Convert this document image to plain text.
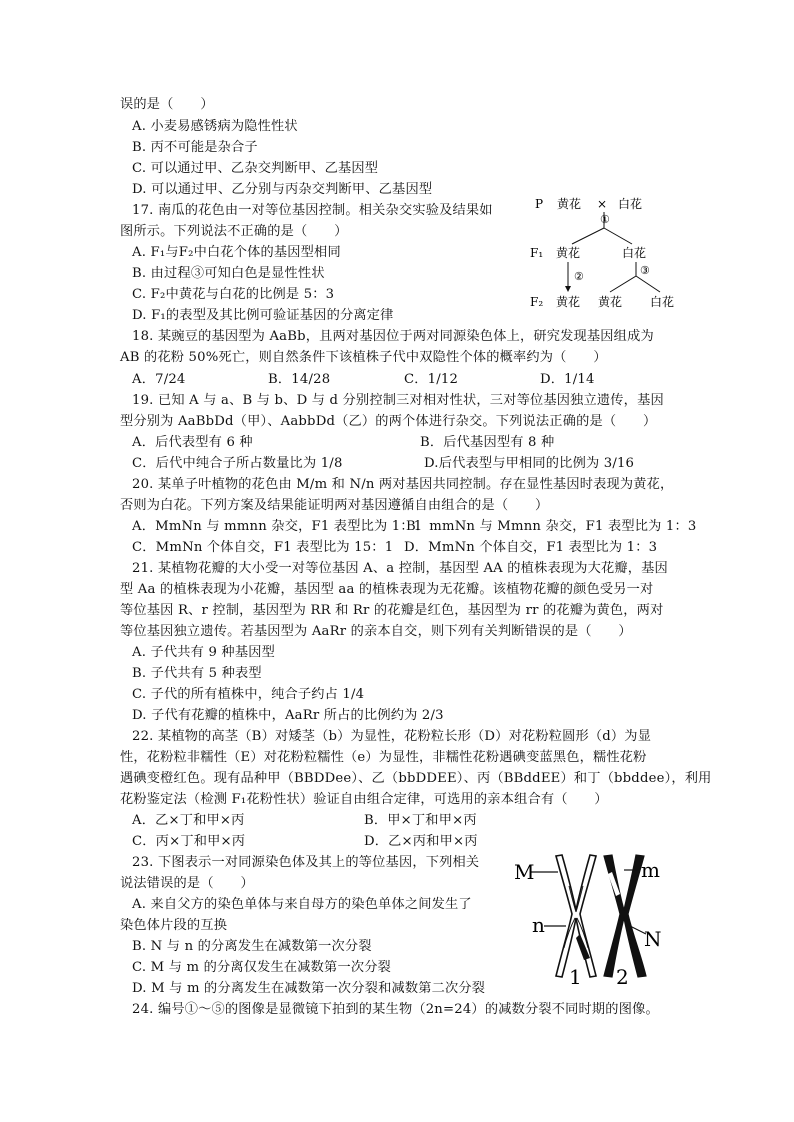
误的是（　　）
A. 小麦易感锈病为隐性性状
B. 丙不可能是杂合子
C. 可以通过甲、乙杂交判断甲、乙基因型
D. 可以通过甲、乙分别与丙杂交判断甲、乙基因型
17. 南瓜的花色由一对等位基因控制。相关杂交实验及结果如
图所示。下列说法不正确的是（　　）
A. F₁与F₂中白花个体的基因型相同
B. 由过程③可知白色是显性性状
C. F₂中黄花与白花的比例是 5：3
D. F₁的表型及其比例可验证基因的分离定律
P 黄花 × 白花
①
F₁ 黄花	白花
②	③
F₂ 黄花 黄花 白花
18. 某豌豆的基因型为 AaBb，且两对基因位于两对同源染色体上，研究发现基因组成为
AB 的花粉 50%死亡，则自然条件下该植株子代中双隐性个体的概率约为（　　）
A．7/24	B．14/28	C．1/12	D．1/14
19. 已知 A 与 a、B 与 b、D 与 d 分别控制三对相对性状，三对等位基因独立遗传，基因
型分别为 AaBbDd（甲）、AabbDd（乙）的两个体进行杂交。下列说法正确的是（　　）
A．后代表型有 6 种	B．后代基因型有 8 种
C．后代中纯合子所占数量比为 1/8	D.后代表型与甲相同的比例为 3/16
20. 某单子叶植物的花色由 M/m 和 N/n 两对基因共同控制。存在显性基因时表现为黄花，
否则为白花。下列方案及结果能证明两对基因遵循自由组合的是（　　）
A．MmNn 与 mmnn 杂交，F1 表型比为 1：1
B．mmNn 与 Mmnn 杂交，F1 表型比为 1：3
C．MmNn 个体自交，F1 表型比为 15：1 D．MmNn 个体自交，F1 表型比为 1：3
21. 某植物花瓣的大小受一对等位基因 A、a 控制，基因型 AA 的植株表现为大花瓣，基因
型 Aa 的植株表现为小花瓣，基因型 aa 的植株表现为无花瓣。该植物花瓣的颜色受另一对
等位基因 R、r 控制，基因型为 RR 和 Rr 的花瓣是红色，基因型为 rr 的花瓣为黄色，两对
等位基因独立遗传。若基因型为 AaRr 的亲本自交，则下列有关判断错误的是（　　）
A. 子代共有 9 种基因型
B. 子代共有 5 种表型
C. 子代的所有植株中，纯合子约占 1/4
D. 子代有花瓣的植株中，AaRr 所占的比例约为 2/3
22. 某植物的高茎（B）对矮茎（b）为显性，花粉粒长形（D）对花粉粒圆形（d）为显
性，花粉粒非糯性（E）对花粉粒糯性（e）为显性，非糯性花粉遇碘变蓝黑色，糯性花粉
遇碘变橙红色。现有品种甲（BBDDee）、乙（bbDDEE）、丙（BBddEE）和丁（bbddee），利用
花粉鉴定法（检测 F₁花粉性状）验证自由组合定律，可选用的亲本组合有（　　）
A．乙×丁和甲×丙	B．甲×丁和甲×丙
C．丙×丁和甲×丙	D．乙×丙和甲×丙
23. 下图表示一对同源染色体及其上的等位基因，下列相关
说法错误的是（　　）
A. 来自父方的染色单体与来自母方的染色单体之间发生了
染色体片段的互换
B. N 与 n 的分离发生在减数第一次分裂
C. M 与 m 的分离仅发生在减数第一次分裂
D. M 与 m 的分离发生在减数第一次分裂和减数第二次分裂
M	m
n
N
1 2
24. 编号①～⑤的图像是显微镜下拍到的某生物（2n=24）的减数分裂不同时期的图像。
